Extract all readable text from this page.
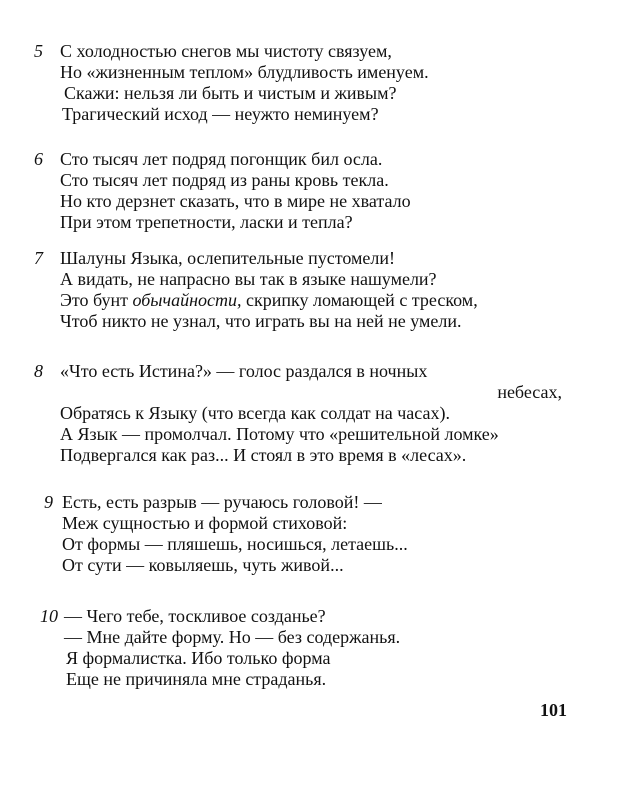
5 С холодностью снегов мы чистоту связуем,
Но «жизненным теплом» блудливость именуем.
Скажи: нельзя ли быть и чистым и живым?
Трагический исход — неужто неминуем?
6 Сто тысяч лет подряд погонщик бил осла.
Сто тысяч лет подряд из раны кровь текла.
Но кто дерзнет сказать, что в мире не хватало
При этом трепетности, ласки и тепла?
7 Шалуны Языка, ослепительные пустомели!
А видать, не напрасно вы так в языке нашумели?
Это бунт обычайности, скрипку ломающей с треском,
Чтоб никто не узнал, что играть вы на ней не умели.
8 «Что есть Истина?» — голос раздался в ночных
небесах,
Обратясь к Языку (что всегда как солдат на часах).
А Язык — промолчал. Потому что «решительной ломке»
Подвергался как раз... И стоял в это время в «лесах».
9 Есть, есть разрыв — ручаюсь головой! —
Меж сущностью и формой стиховой:
От формы — пляшешь, носишься, летаешь...
От сути — ковыляешь, чуть живой...
10 — Чего тебе, тоскливое созданье?
— Мне дайте форму. Но — без содержанья.
Я формалистка. Ибо только форма
Еще не причиняла мне страданья.
101
